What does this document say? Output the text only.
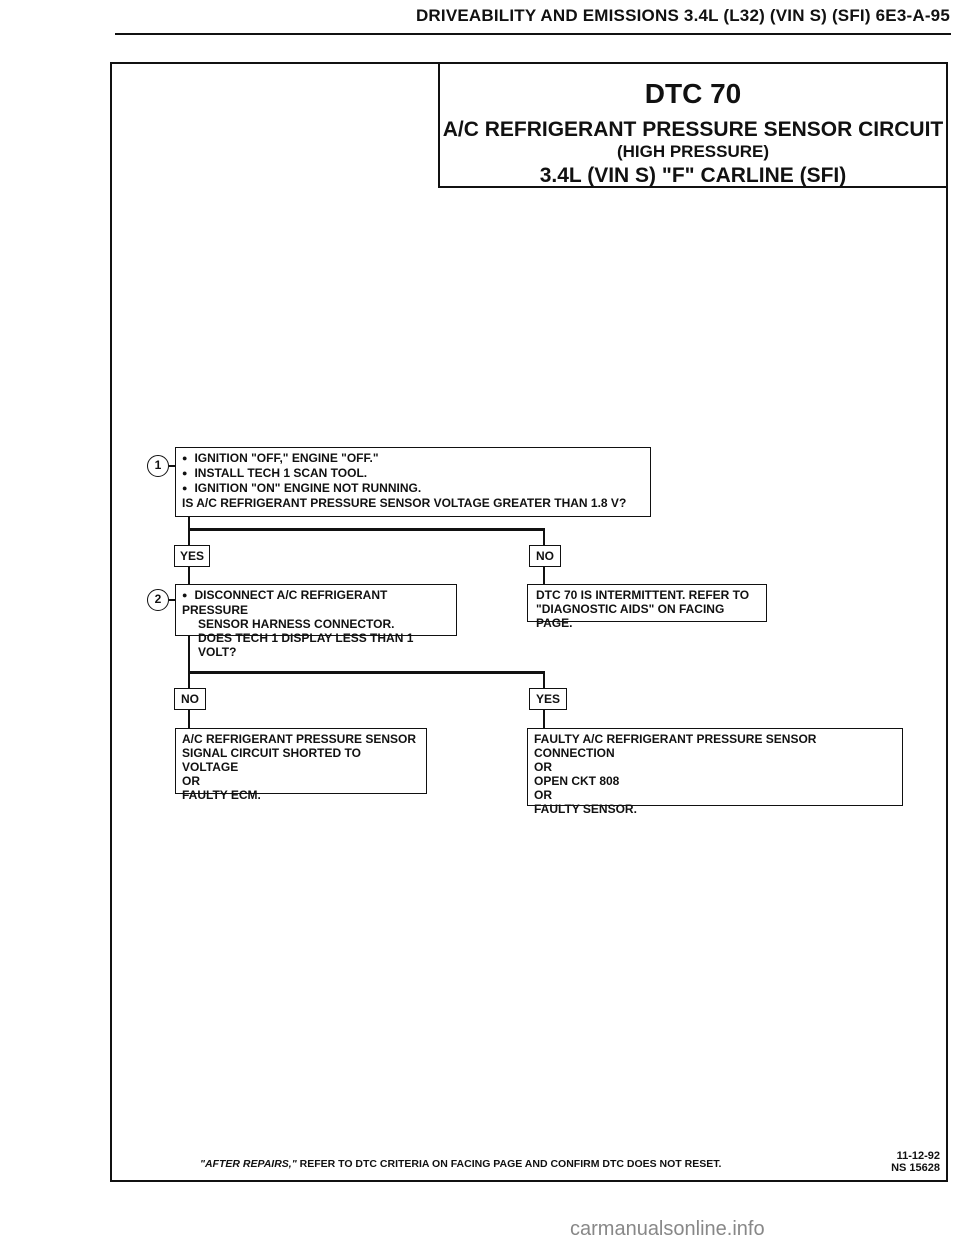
DRIVEABILITY AND EMISSIONS 3.4L (L32) (VIN S) (SFI) 6E3-A-95
DTC 70
A/C REFRIGERANT PRESSURE SENSOR CIRCUIT
(HIGH PRESSURE)
3.4L (VIN S) "F" CARLINE (SFI)
1	● IGNITION "OFF," ENGINE "OFF."
● INSTALL TECH 1 SCAN TOOL.
● IGNITION "ON" ENGINE NOT RUNNING.
IS A/C REFRIGERANT PRESSURE SENSOR VOLTAGE GREATER THAN 1.8 V?
YES	NO
2	● DISCONNECT A/C REFRIGERANT PRESSURE
SENSOR HARNESS CONNECTOR.
DOES TECH 1 DISPLAY LESS THAN 1 VOLT?
DTC 70 IS INTERMITTENT. REFER TO
"DIAGNOSTIC AIDS" ON FACING PAGE.
NO	YES
A/C REFRIGERANT PRESSURE SENSOR
SIGNAL CIRCUIT SHORTED TO VOLTAGE
OR
FAULTY ECM.
FAULTY A/C REFRIGERANT PRESSURE SENSOR CONNECTION
OR
OPEN CKT 808
OR
FAULTY SENSOR.
"AFTER REPAIRS," REFER TO DTC CRITERIA ON FACING PAGE AND CONFIRM DTC DOES NOT RESET.
11-12-92
NS 15628
carmanualsonline.info
